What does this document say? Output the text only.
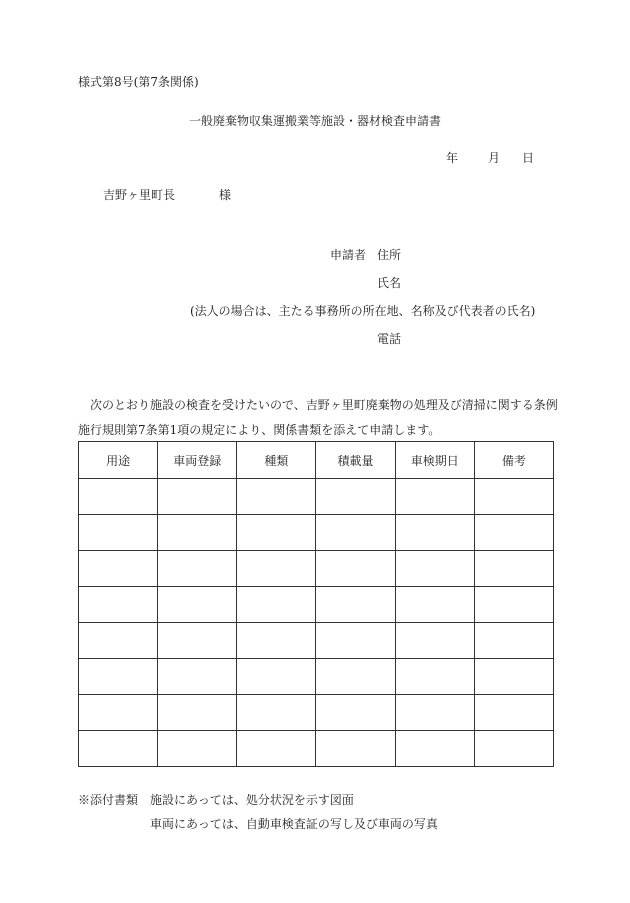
様式第8号(第7条関係)
一般廃棄物収集運搬業等施設・器材検査申請書
年	月 日
吉野ヶ里町長	様
申請者 住所
氏名
(法人の場合は、主たる事務所の所在地、名称及び代表者の氏名)
電話
次のとおり施設の検査を受けたいので、吉野ヶ里町廃棄物の処理及び清掃に関する条例
施行規則第7条第1項の規定により、関係書類を添えて申請します。
用途	車両登録	種類	積載量	車検期日	備考

※添付書類 施設にあっては、処分状況を示す図面
車両にあっては、自動車検査証の写し及び車両の写真
